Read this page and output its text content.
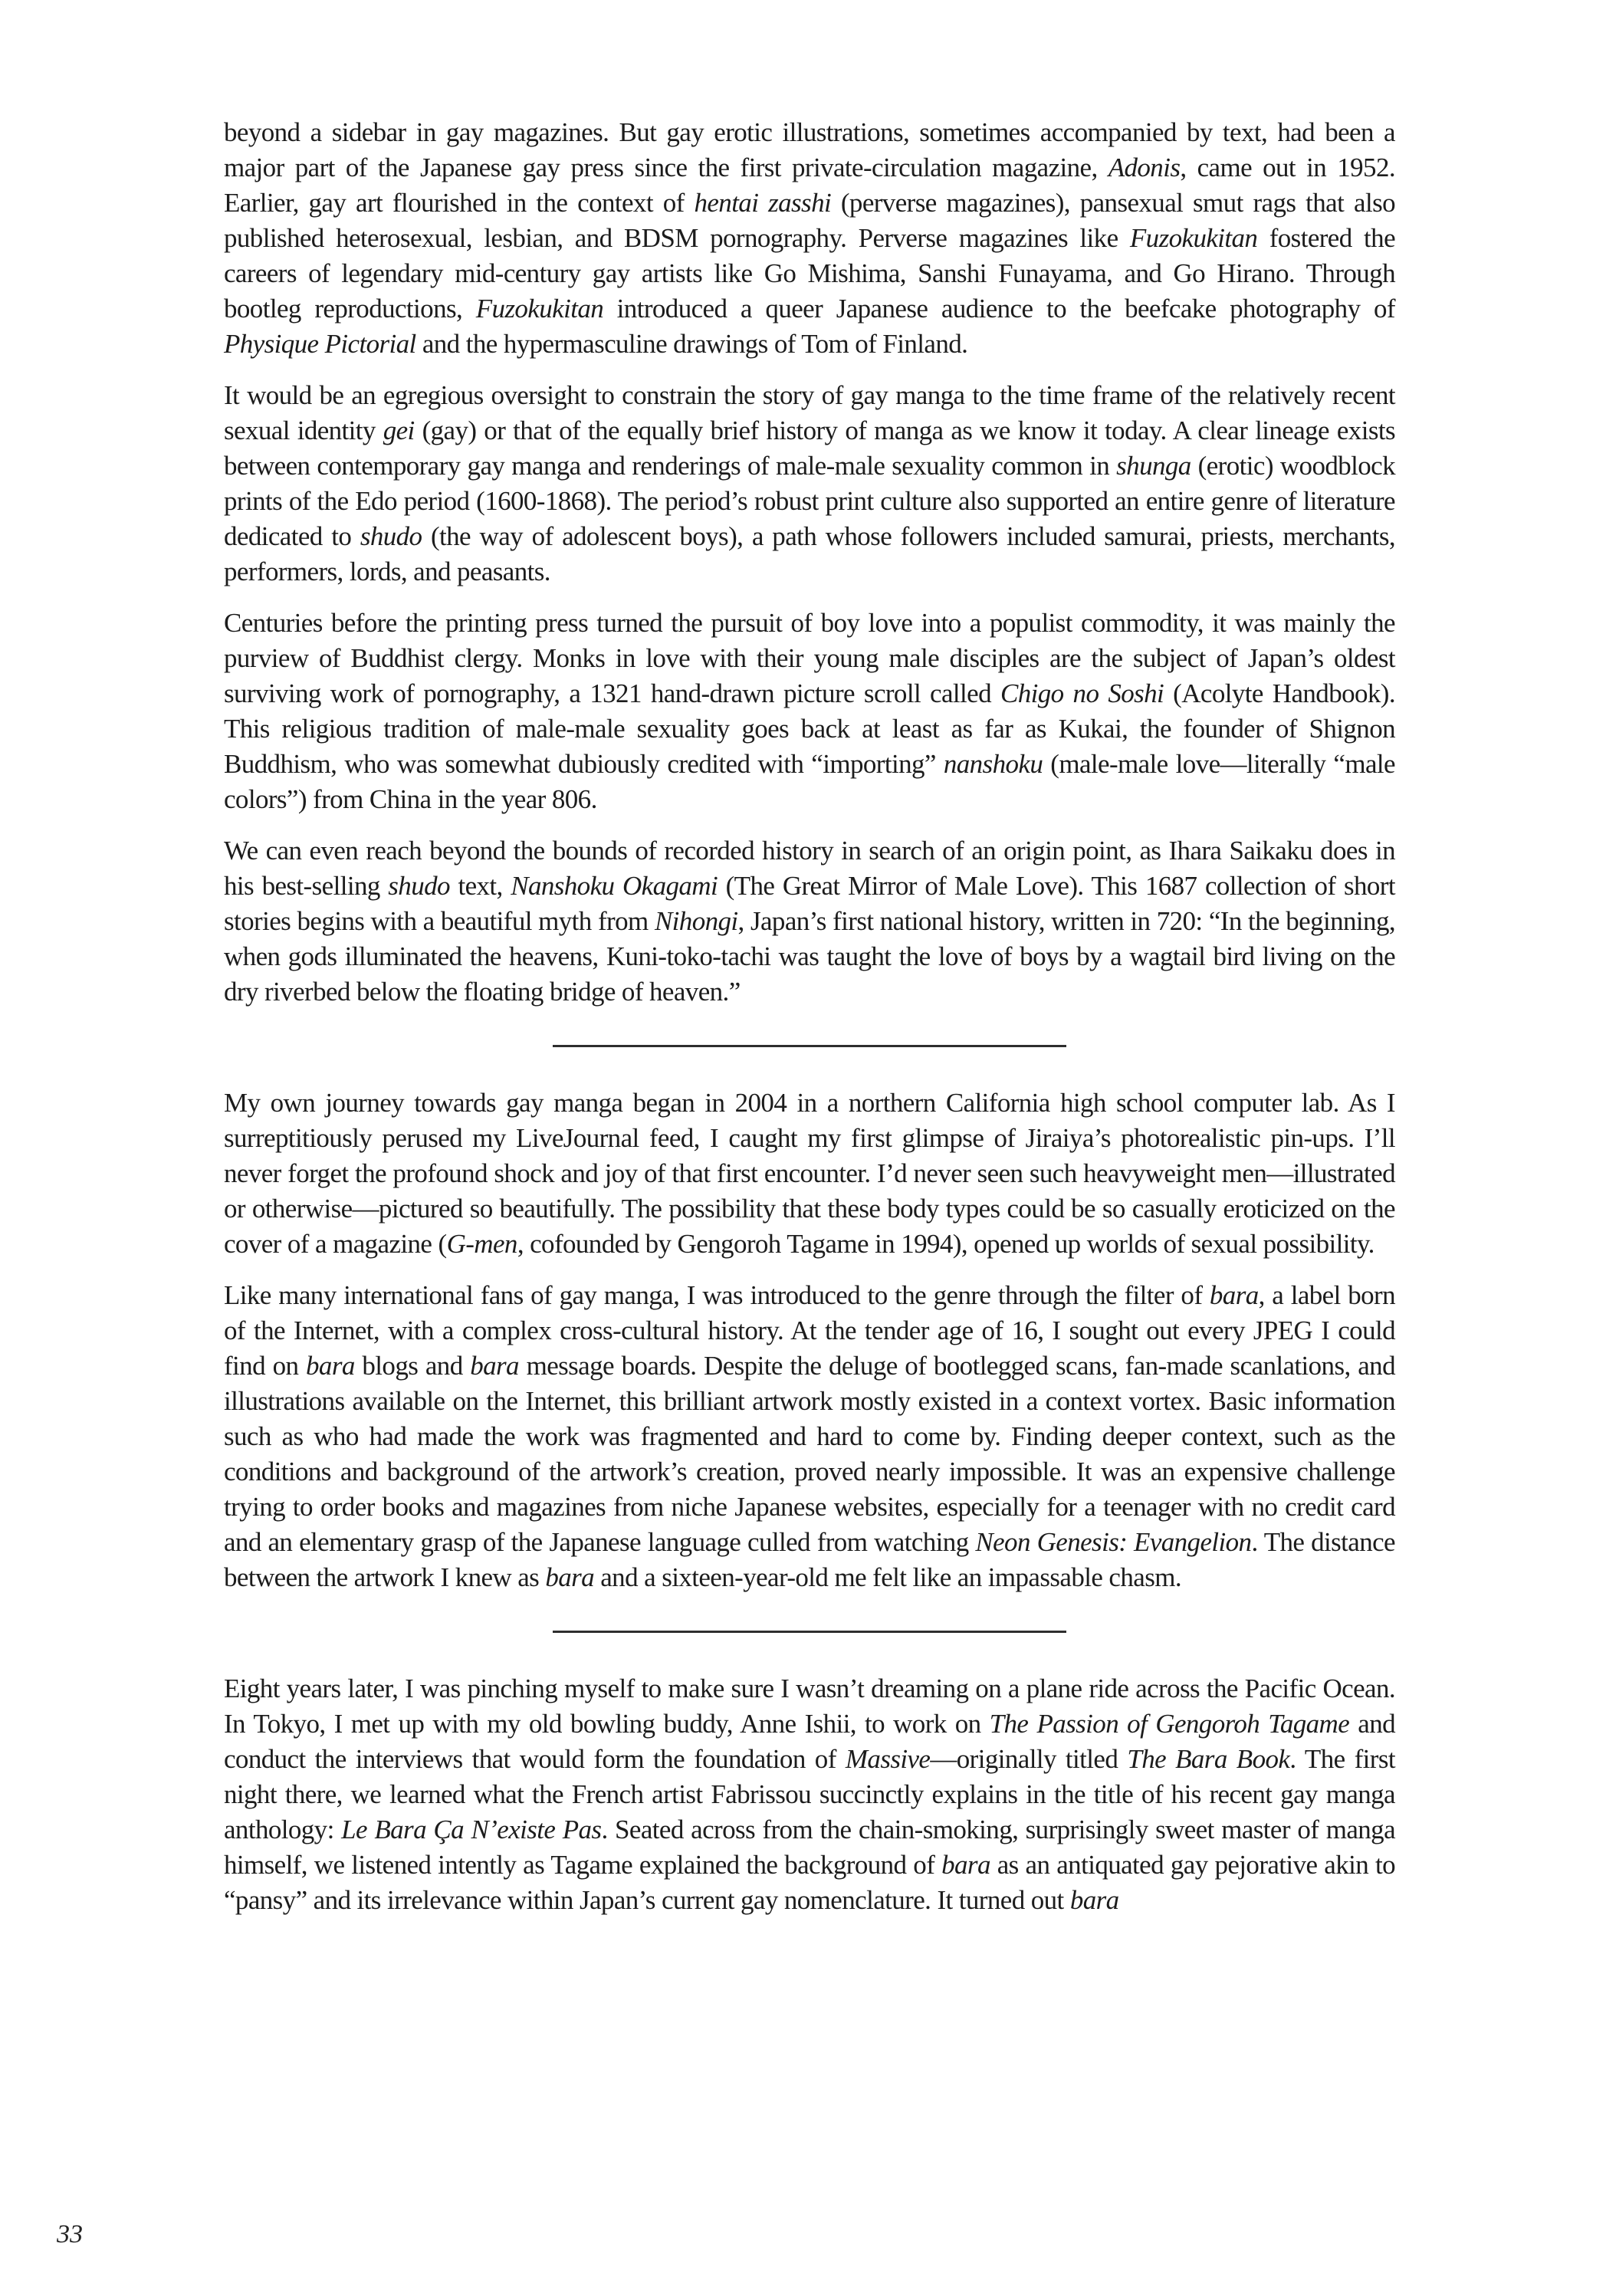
beyond a sidebar in gay magazines. But gay erotic illustrations, sometimes accompanied by text, had been a major part of the Japanese gay press since the first private-circulation magazine, Adonis, came out in 1952. Earlier, gay art flourished in the context of hentai zasshi (perverse magazines), pansexual smut rags that also published heterosexual, lesbian, and BDSM pornography. Perverse magazines like Fuzokukitan fostered the careers of legendary mid-century gay artists like Go Mishima, Sanshi Funayama, and Go Hirano. Through bootleg reproductions, Fuzokukitan introduced a queer Japanese audience to the beefcake photography of Physique Pictorial and the hypermasculine drawings of Tom of Finland.

It would be an egregious oversight to constrain the story of gay manga to the time frame of the relatively recent sexual identity gei (gay) or that of the equally brief history of manga as we know it today. A clear lineage exists between contemporary gay manga and renderings of male-male sexuality common in shunga (erotic) woodblock prints of the Edo period (1600-1868). The period’s robust print culture also supported an entire genre of literature dedicated to shudo (the way of adolescent boys), a path whose followers included samurai, priests, merchants, performers, lords, and peasants.

Centuries before the printing press turned the pursuit of boy love into a populist commodity, it was mainly the purview of Buddhist clergy. Monks in love with their young male disciples are the subject of Japan’s oldest surviving work of pornography, a 1321 hand-drawn picture scroll called Chigo no Soshi (Acolyte Handbook). This religious tradition of male-male sexuality goes back at least as far as Kukai, the founder of Shignon Buddhism, who was somewhat dubiously credited with “importing” nanshoku (male-male love—literally “male colors”) from China in the year 806.

We can even reach beyond the bounds of recorded history in search of an origin point, as Ihara Saikaku does in his best-selling shudo text, Nanshoku Okagami (The Great Mirror of Male Love). This 1687 collection of short stories begins with a beautiful myth from Nihongi, Japan’s first national history, written in 720: “In the beginning, when gods illuminated the heavens, Kuni-toko-tachi was taught the love of boys by a wagtail bird living on the dry riverbed below the floating bridge of heaven.”

My own journey towards gay manga began in 2004 in a northern California high school computer lab. As I surreptitiously perused my LiveJournal feed, I caught my first glimpse of Jiraiya’s photorealistic pin-ups. I’ll never forget the profound shock and joy of that first encounter. I’d never seen such heavyweight men—illustrated or otherwise—pictured so beautifully. The possibility that these body types could be so casually eroticized on the cover of a magazine (G-men, cofounded by Gengoroh Tagame in 1994), opened up worlds of sexual possibility.

Like many international fans of gay manga, I was introduced to the genre through the filter of bara, a label born of the Internet, with a complex cross-cultural history. At the tender age of 16, I sought out every JPEG I could find on bara blogs and bara message boards. Despite the deluge of bootlegged scans, fan-made scanlations, and illustrations available on the Internet, this brilliant artwork mostly existed in a context vortex. Basic information such as who had made the work was fragmented and hard to come by. Finding deeper context, such as the conditions and background of the artwork’s creation, proved nearly impossible. It was an expensive challenge trying to order books and magazines from niche Japanese websites, especially for a teenager with no credit card and an elementary grasp of the Japanese language culled from watching Neon Genesis: Evangelion. The distance between the artwork I knew as bara and a sixteen-year-old me felt like an impassable chasm.

Eight years later, I was pinching myself to make sure I wasn’t dreaming on a plane ride across the Pacific Ocean. In Tokyo, I met up with my old bowling buddy, Anne Ishii, to work on The Passion of Gengoroh Tagame and conduct the interviews that would form the foundation of Massive—originally titled The Bara Book. The first night there, we learned what the French artist Fabrissou succinctly explains in the title of his recent gay manga anthology: Le Bara Ça N’existe Pas. Seated across from the chain-smoking, surprisingly sweet master of manga himself, we listened intently as Tagame explained the background of bara as an antiquated gay pejorative akin to “pansy” and its irrelevance within Japan’s current gay nomenclature. It turned out bara

33
